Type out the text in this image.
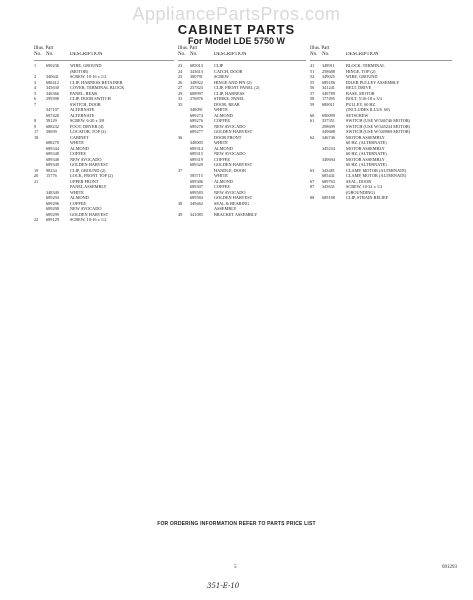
AppliancePartsPros.com
CABINET PARTS
For Model LDE 5750 W
Illus. Part
No. No.	DESCRIPTION
1	690236	WIRE, GROUND
(MOTOR)
2	340641	SCREW, 10-16 x 1/2
3	688412	CLIP, HARNESS RETAINER
4	345630	COVER, TERMINAL BLOCK
5	346366	PANEL, REAR
6	299398	CLIP, DOOR SWITCH
7	SWITCH, DOOR
347107	ALTERNATE
687428	ALTERNATE
8	58129	SCREW, 6-20 x 3/8
9	688232	FOOT, DRYER (4)
17	58699	LOCATOR, TOP (2)
18	CABINET
688270	WHITE
689344	ALMOND
689348	COFFEE
689348	NEW AVOCADO
689349	GOLDEN HARVEST
19	98234	CLIP, GROUND (2)
20	15776	LOCK, FRONT TOP (2)
21	UPPER FRONT
PANEL ASSEMBLY
348349	WHITE
689294	ALMOND
689296	COFFEE
689298	NEW AVOCADO
689299	GOLDEN HARVEST
22	689129	SCREW, 10-16 x 1/2
Illus. Part
No. No.	DESCRIPTION
23	685013	CLIP
24	343613	CATCH, DOOR
25	380791	SCREW
26	348922	HINGE AND PIN (2)
27	257823	CLIP, FRONT PANEL (2)
29	688997	CLIP, HARNESS
33	276876	STRIKE, PANEL
35	DOOR, REAR
348091	WHITE
689274	ALMOND
689276	COFFEE
689276	NEW AVOCADO
689277	GOLDEN HARVEST
36	DOOR FRONT
348005	WHITE
689314	ALMOND
689315	NEW AVOCADO
689319	COFFEE
689320	GOLDEN HARVEST
37	HANDLE, DOOR
585715	WHITE
689306	ALMOND
689307	COFFEE
689583	NEW AVOCADO
689584	GOLDEN HARVEST
38	349462	SEAL & BEARING
ASSEMBLY
49	341085	BRACKET ASSEMBLY
Illus. Part
No. No.	DESCRIPTION
41	348911	BLOCK, TERMINAL
51	258688	HINGE, TOP (2)
52	349025	WIRE, GROUND
55	689186	IDLER PULLEY ASSEMBLY
56	341241	BELT, DRIVE
57	349789	BASE, MOTOR
58	177495	BOLT, 5/16-18 x 3/4
59	689011	PULLEY, 60 HZ.
(INCLUDES ILLUS. 60)
60	690099	SETSCREW
61	337351	SWITCH (USE W/346746 MOTOR)
298699	SWITCH (USE W/345234 MOTOR)
349688	SWITCH (USE W/349969 MOTOR)
62	346746	MOTOR ASSEMBLY
60 HZ. (ALTERNATE)
345234	MOTOR ASSEMBLY
60 HZ. (ALTERNATE)
349694	MOTOR ASSEMBLY
60 HZ. (ALTERNATE)
63	343481	CLAMP, MOTOR (ALTERNATE)
685441	CLAMP, MOTOR (ALTERNATE)
67	689763	SEAL, DOOR
87	343631	SCREW, 10-32 x 1/2
(GROUNDING)
88	689188	CLIP, STRAIN RELIEF
FOR ORDERING INFORMATION REFER TO PARTS PRICE LIST
5	691293
351-E-10
